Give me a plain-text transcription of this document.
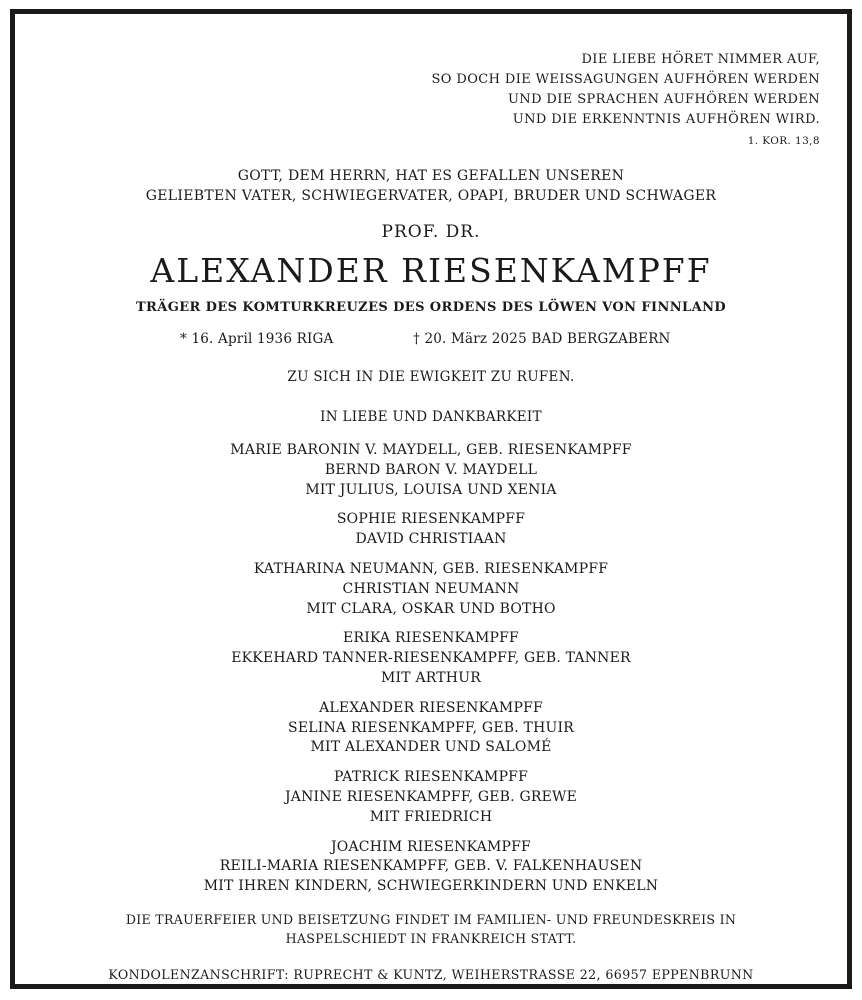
DIE LIEBE HÖRET NIMMER AUF,
SO DOCH DIE WEISSAGUNGEN AUFHÖREN WERDEN
UND DIE SPRACHEN AUFHÖREN WERDEN
UND DIE ERKENNTNIS AUFHÖREN WIRD.
1. KOR. 13,8
GOTT, DEM HERRN, HAT ES GEFALLEN UNSEREN
GELIEBTEN VATER, SCHWIEGERVATER, OPAPI, BRUDER UND SCHWAGER
PROF. DR.
ALEXANDER RIESENKAMPFF
TRÄGER DES KOMTURKREUZES DES ORDENS DES LÖWEN VON FINNLAND
* 16. April 1936 RIGA	† 20. März 2025 BAD BERGZABERN
ZU SICH IN DIE EWIGKEIT ZU RUFEN.
IN LIEBE UND DANKBARKEIT
MARIE BARONIN V. MAYDELL, GEB. RIESENKAMPFF
BERND BARON V. MAYDELL
MIT JULIUS, LOUISA UND XENIA
SOPHIE RIESENKAMPFF
DAVID CHRISTIAAN
KATHARINA NEUMANN, GEB. RIESENKAMPFF
CHRISTIAN NEUMANN
MIT CLARA, OSKAR UND BOTHO
ERIKA RIESENKAMPFF
EKKEHARD TANNER-RIESENKAMPFF, GEB. TANNER
MIT ARTHUR
ALEXANDER RIESENKAMPFF
SELINA RIESENKAMPFF, GEB. THUIR
MIT ALEXANDER UND SALOMÉ
PATRICK RIESENKAMPFF
JANINE RIESENKAMPFF, GEB. GREWE
MIT FRIEDRICH
JOACHIM RIESENKAMPFF
REILI-MARIA RIESENKAMPFF, GEB. V. FALKENHAUSEN
MIT IHREN KINDERN, SCHWIEGERKINDERN UND ENKELN
DIE TRAUERFEIER UND BEISETZUNG FINDET IM FAMILIEN- UND FREUNDESKREIS IN
HASPELSCHIEDT IN FRANKREICH STATT.
KONDOLENZANSCHRIFT: RUPRECHT & KUNTZ, WEIHERSTRASSE 22, 66957 EPPENBRUNN
